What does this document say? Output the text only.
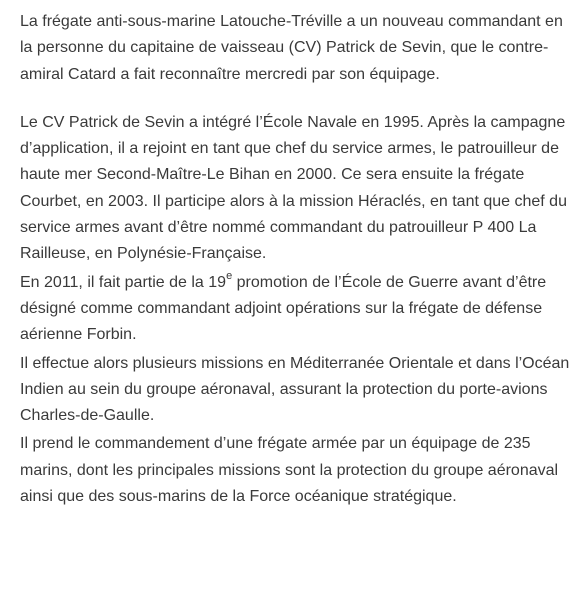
La frégate anti-sous-marine Latouche-Tréville a un nouveau commandant en la personne du capitaine de vaisseau (CV) Patrick de Sevin, que le contre-amiral Catard a fait reconnaître mercredi par son équipage.

Le CV Patrick de Sevin a intégré l’École Navale en 1995. Après la campagne d’application, il a rejoint en tant que chef du service armes, le patrouilleur de haute mer Second-Maître-Le Bihan en 2000. Ce sera ensuite la frégate Courbet, en 2003. Il participe alors à la mission Héraclés, en tant que chef du service armes avant d’être nommé commandant du patrouilleur P 400 La Railleuse, en Polynésie-Française.

En 2011, il fait partie de la 19e promotion de l’École de Guerre avant d’être désigné comme commandant adjoint opérations sur la frégate de défense aérienne Forbin.

Il effectue alors plusieurs missions en Méditerranée Orientale et dans l’Océan Indien au sein du groupe aéronaval, assurant la protection du porte-avions Charles-de-Gaulle.

Il prend le commandement d’une frégate armée par un équipage de 235 marins, dont les principales missions sont la protection du groupe aéronaval ainsi que des sous-marins de la Force océanique stratégique.
